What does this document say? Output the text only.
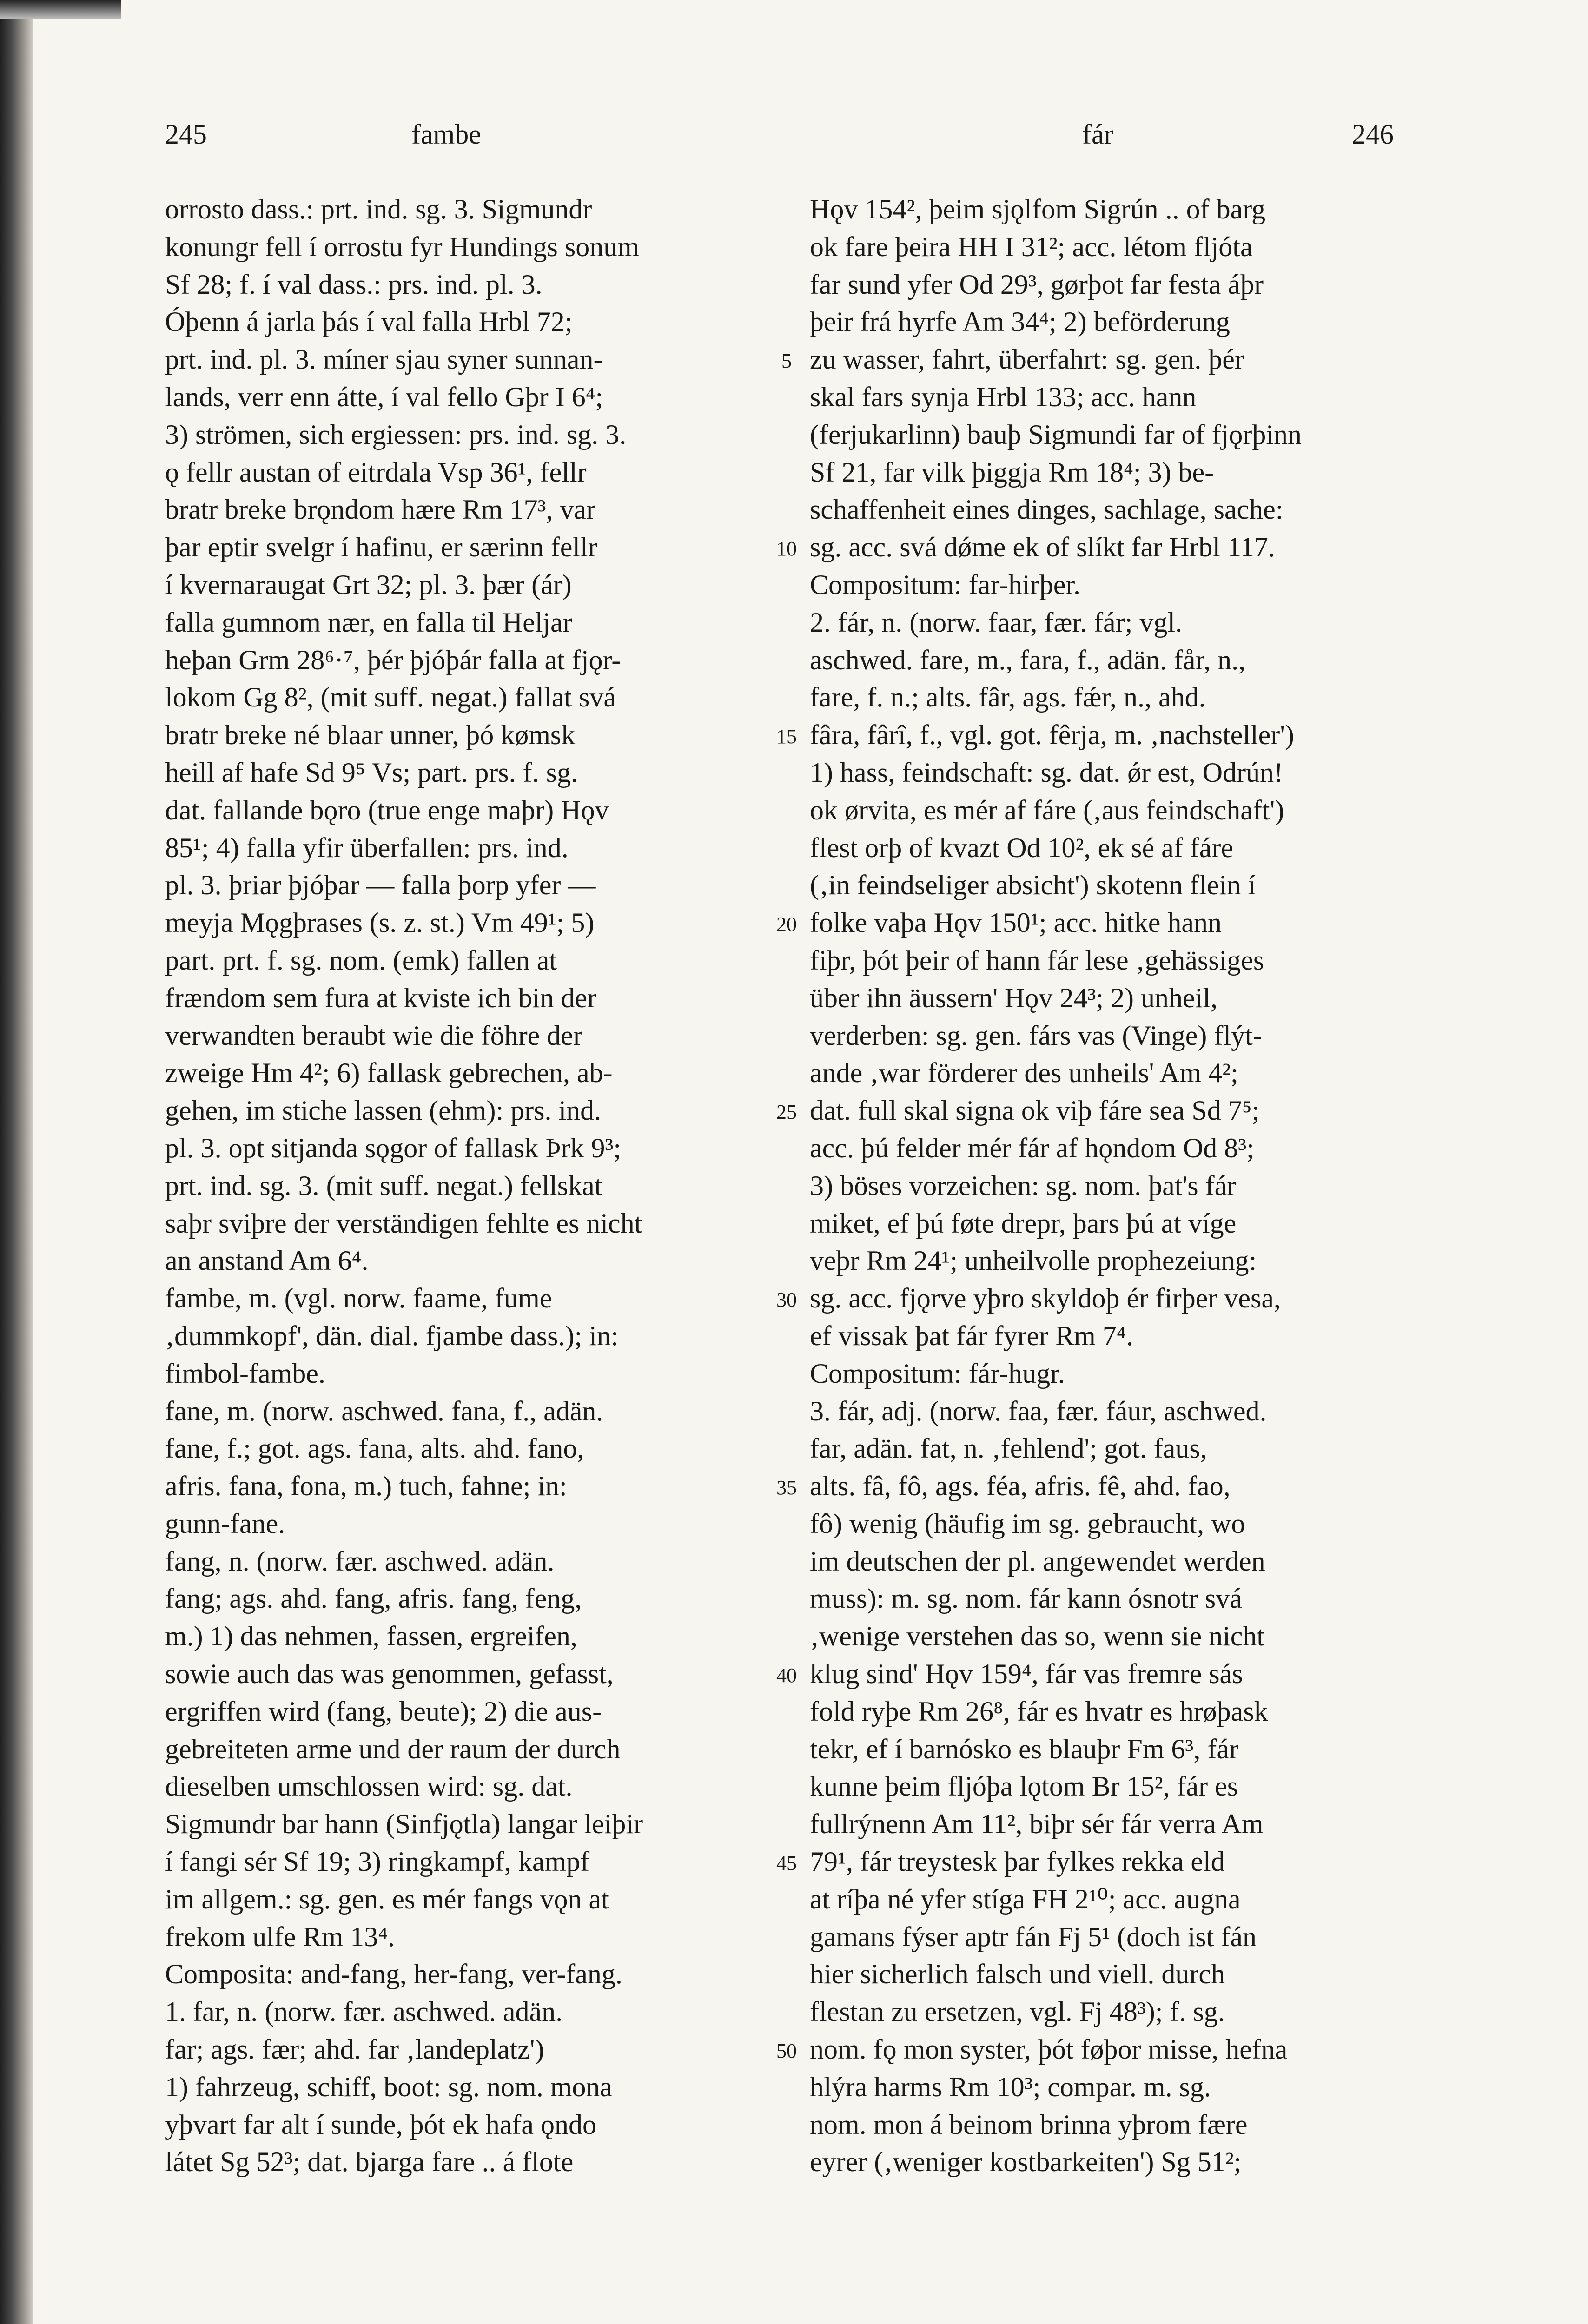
245	fambe	fár	246
orrosto dass.: prt. ind. sg. 3. Sigmundr
konungr fell í orrostu fyr Hundings sonum
Sf 28; f. í val dass.: prs. ind. pl. 3.
Óþenn á jarla þás í val falla Hrbl 72;
prt. ind. pl. 3. míner sjau syner sunnan-
lands, verr enn átte, í val fello Gþr I 6⁴;
3) strömen, sich ergiessen: prs. ind. sg. 3.
ǫ fellr austan of eitrdala Vsp 36¹, fellr
bratr breke brǫndom hære Rm 17³, var
þar eptir svelgr í hafinu, er særinn fellr
í kvernaraugat Grt 32; pl. 3. þær (ár)
falla gumnom nær, en falla til Heljar
heþan Grm 28⁶·⁷, þér þjóþár falla at fjǫr-
lokom Gg 8², (mit suff. negat.) fallat svá
bratr breke né blaar unner, þó kømsk
heill af hafe Sd 9⁵ Vs; part. prs. f. sg.
dat. fallande bǫro (true enge maþr) Hǫv
85¹; 4) falla yfir überfallen: prs. ind.
pl. 3. þriar þjóþar — falla þorp yfer —
meyja Mǫgþrases (s. z. st.) Vm 49¹; 5)
part. prt. f. sg. nom. (emk) fallen at
frændom sem fura at kviste ich bin der
verwandten beraubt wie die föhre der
zweige Hm 4²; 6) fallask gebrechen, ab-
gehen, im stiche lassen (ehm): prs. ind.
pl. 3. opt sitjanda sǫgor of fallask Þrk 9³;
prt. ind. sg. 3. (mit suff. negat.) fellskat
saþr sviþre der verständigen fehlte es nicht
an anstand Am 6⁴.
fambe, m. (vgl. norw. faame, fume
‚dummkopf', dän. dial. fjambe dass.); in:
fimbol-fambe.
fane, m. (norw. aschwed. fana, f., adän.
fane, f.; got. ags. fana, alts. ahd. fano,
afris. fana, fona, m.) tuch, fahne; in:
gunn-fane.
fang, n. (norw. fær. aschwed. adän.
fang; ags. ahd. fang, afris. fang, feng,
m.) 1) das nehmen, fassen, ergreifen,
sowie auch das was genommen, gefasst,
ergriffen wird (fang, beute); 2) die aus-
gebreiteten arme und der raum der durch
dieselben umschlossen wird: sg. dat.
Sigmundr bar hann (Sinfjǫtla) langar leiþir
í fangi sér Sf 19; 3) ringkampf, kampf
im allgem.: sg. gen. es mér fangs vǫn at
frekom ulfe Rm 13⁴.
Composita: and-fang, her-fang, ver-fang.
1. far, n. (norw. fær. aschwed. adän.
far; ags. fær; ahd. far ‚landeplatz')
1) fahrzeug, schiff, boot: sg. nom. mona
yþvart far alt í sunde, þót ek hafa ǫndo
látet Sg 52³; dat. bjarga fare .. á flote
Hǫv 154², þeim sjǫlfom Sigrún .. of barg
ok fare þeira HH I 31²; acc. létom fljóta
far sund yfer Od 29³, gørþot far festa áþr
þeir frá hyrfe Am 34⁴; 2) beförderung
zu wasser, fahrt, überfahrt: sg. gen. þér
skal fars synja Hrbl 133; acc. hann
(ferjukarlinn) bauþ Sigmundi far of fjǫrþinn
Sf 21, far vilk þiggja Rm 18⁴; 3) be-
schaffenheit eines dinges, sachlage, sache:
sg. acc. svá dǿme ek of slíkt far Hrbl 117.
Compositum: far-hirþer.
2. fár, n. (norw. faar, fær. fár; vgl.
aschwed. fare, m., fara, f., adän. får, n.,
fare, f. n.; alts. fâr, ags. fǽr, n., ahd.
fâra, fârî, f., vgl. got. fêrja, m. ‚nachsteller')
1) hass, feindschaft: sg. dat. ǿr est, Odrún!
ok ørvita, es mér af fáre (‚aus feindschaft')
flest orþ of kvazt Od 10², ek sé af fáre
(‚in feindseliger absicht') skotenn flein í
folke vaþa Hǫv 150¹; acc. hitke hann
fiþr, þót þeir of hann fár lese ‚gehässiges
über ihn äussern' Hǫv 24³; 2) unheil,
verderben: sg. gen. fárs vas (Vinge) flýt-
ande ‚war förderer des unheils' Am 4²;
dat. full skal signa ok viþ fáre sea Sd 7⁵;
acc. þú felder mér fár af hǫndom Od 8³;
3) böses vorzeichen: sg. nom. þat's fár
miket, ef þú føte drepr, þars þú at víge
veþr Rm 24¹; unheilvolle prophezeiung:
sg. acc. fjǫrve yþro skyldoþ ér firþer vesa,
ef vissak þat fár fyrer Rm 7⁴.
Compositum: fár-hugr.
3. fár, adj. (norw. faa, fær. fáur, aschwed.
far, adän. fat, n. ‚fehlend'; got. faus,
alts. fâ, fô, ags. féa, afris. fê, ahd. fao,
fô) wenig (häufig im sg. gebraucht, wo
im deutschen der pl. angewendet werden
muss): m. sg. nom. fár kann ósnotr svá
‚wenige verstehen das so, wenn sie nicht
klug sind' Hǫv 159⁴, fár vas fremre sás
fold ryþe Rm 26⁸, fár es hvatr es hrøþask
tekr, ef í barnósko es blauþr Fm 6³, fár
kunne þeim fljóþa lǫtom Br 15², fár es
fullrýnenn Am 11², biþr sér fár verra Am
79¹, fár treystesk þar fylkes rekka eld
at ríþa né yfer stíga FH 2¹⁰; acc. augna
gamans fýser aptr fán Fj 5¹ (doch ist fán
hier sicherlich falsch und viell. durch
flestan zu ersetzen, vgl. Fj 48³); f. sg.
nom. fǫ mon syster, þót føþor misse, hefna
hlýra harms Rm 10³; compar. m. sg.
nom. mon á beinom brinna yþrom fære
eyrer (‚weniger kostbarkeiten') Sg 51²;
5
10
15
20
25
30
35
40
45
50
